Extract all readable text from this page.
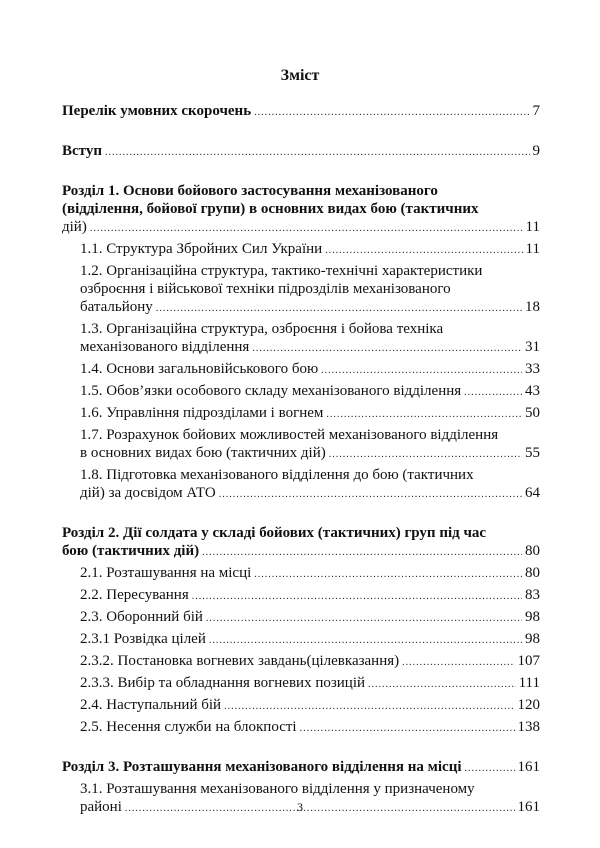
Зміст
Перелік умовних скорочень .....	7
Вступ .....	9
Розділ 1. Основи бойового застосування механізованого
(відділення, бойової групи) в основних видах бою (тактичних
дій) .....	11
1.1. Структура Збройних Сил України .....	11
1.2. Організаційна структура, тактико-технічні характеристики
озброєння і військової техніки підрозділів механізованого
батальйону .....	18
1.3. Організаційна структура, озброєння і бойова техніка
механізованого відділення .....	31
1.4. Основи загальновійськового бою .....	33
1.5. Обов’язки особового складу механізованого відділення .....	43
1.6. Управління підрозділами і вогнем .....	50
1.7. Розрахунок бойових можливостей механізованого відділення
в основних видах бою (тактичних дій) .....	55
1.8. Підготовка механізованого відділення до бою (тактичних
дій) за досвідом АТО .....	64
Розділ 2. Дії солдата у складі бойових (тактичних) груп під час
бою (тактичних дій) .....	80
2.1. Розташування на місці .....	80
2.2. Пересування .....	83
2.3. Оборонний бій .....	98
2.3.1 Розвідка цілей .....	98
2.3.2. Постановка вогневих завдань(цілевказання) .....	107
2.3.3. Вибір та обладнання вогневих позицій .....	111
2.4. Наступальний бій .....	120
2.5. Несення служби на блокпості .....	138
Розділ 3. Розташування механізованого відділення на місці .....	161
3.1. Розташування механізованого відділення у призначеному
районі .....	161
3
